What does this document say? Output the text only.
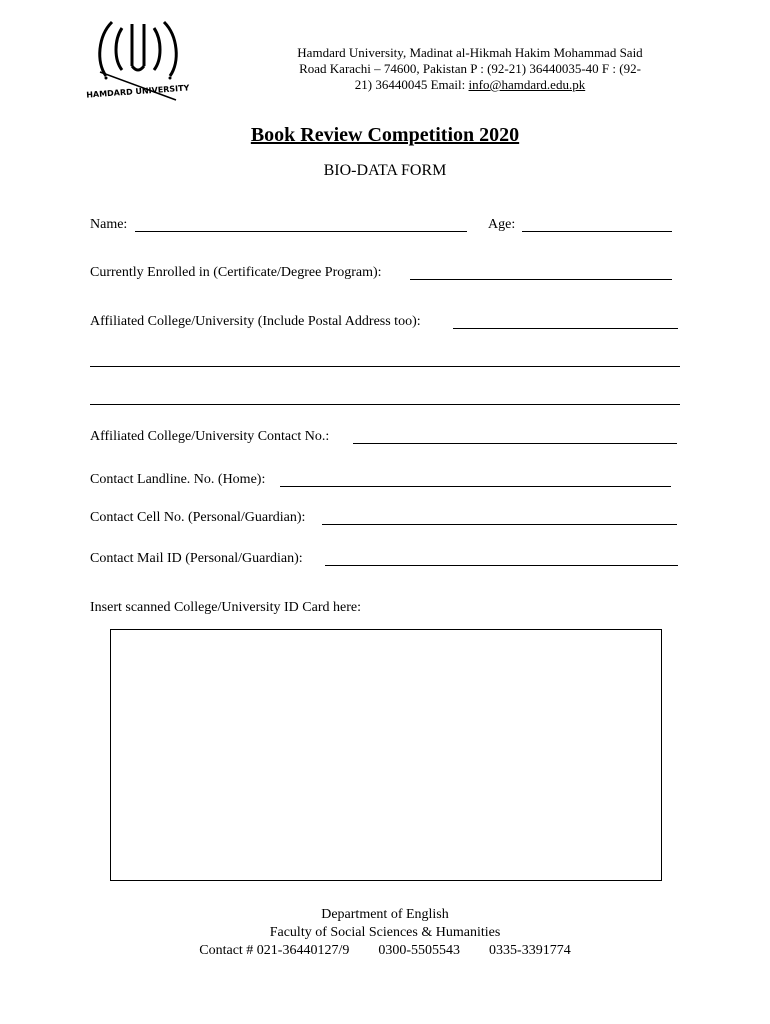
HAMDARD UNIVERSITY
Hamdard University, Madinat al-Hikmah Hakim Mohammad Said
Road Karachi – 74600, Pakistan P : (92-21) 36440035-40 F : (92-
21) 36440045 Email: info@hamdard.edu.pk
Book Review Competition 2020
BIO-DATA FORM
Name:	Age:
Currently Enrolled in (Certificate/Degree Program):
Affiliated College/University (Include Postal Address too):
Affiliated College/University Contact No.:
Contact Landline. No. (Home):
Contact Cell No. (Personal/Guardian):
Contact Mail ID (Personal/Guardian):
Insert scanned College/University ID Card here:
Department of English
Faculty of Social Sciences & Humanities
Contact # 021-36440127/9 0300-5505543 0335-3391774
